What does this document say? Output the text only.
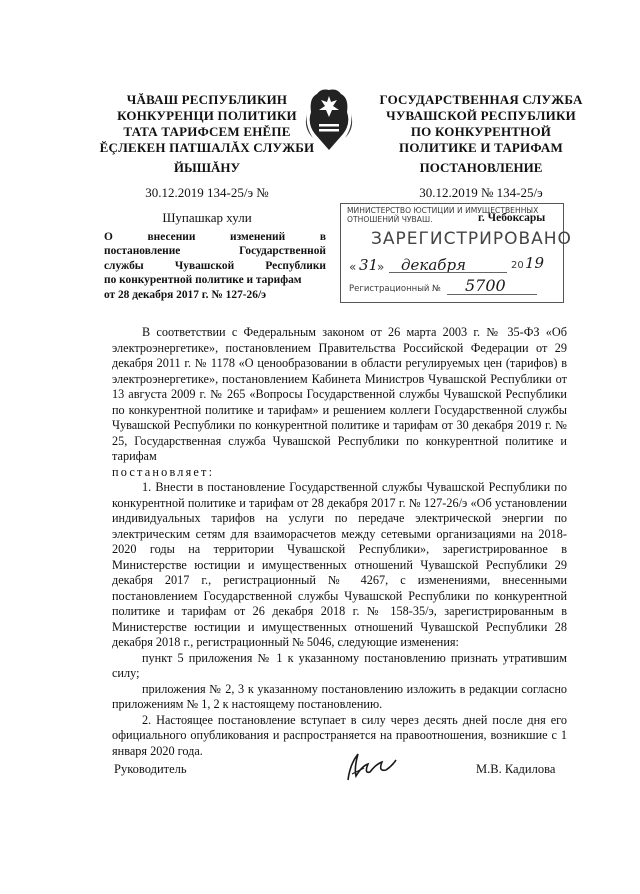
ЧĂВАШ РЕСПУБЛИКИН
КОНКУРЕНЦИ ПОЛИТИКИ
ТАТА ТАРИФСЕМ ЕНĚПЕ
ĔÇЛЕКЕН ПАТШАЛĂХ СЛУЖБИ
ЙЫШĂНУ
30.12.2019 134-25/э №
Шупашкар хули
ГОСУДАРСТВЕННАЯ СЛУЖБА
ЧУВАШСКОЙ РЕСПУБЛИКИ
ПО КОНКУРЕНТНОЙ
ПОЛИТИКЕ И ТАРИФАМ
ПОСТАНОВЛЕНИЕ
30.12.2019 № 134-25/э
г. Чебоксары
О внесении изменений в
постановление Государственной
службы Чувашской Республики
по конкурентной политике и тарифам
от 28 декабря 2017 г. № 127-26/э
МИНИСТЕРСТВО ЮСТИЦИИ И ИМУЩЕСТВЕННЫХ
ОТНОШЕНИЙ ЧУВАШ.
ЗАРЕГИСТРИРОВАНО
« 31
» декабря	20 19
Регистрационный № 5700

В соответствии с Федеральным законом от 26 марта 2003 г. № 35-ФЗ «Об электроэнергетике», постановлением Правительства Российской Федерации от 29 декабря 2011 г. № 1178 «О ценообразовании в области регулируемых цен (тарифов) в электроэнергетике», постановлением Кабинета Министров Чувашской Республики от 13 августа 2009 г. № 265 «Вопросы Государственной службы Чувашской Республики по конкурентной политике и тарифам» и решением коллеги Государственной службы Чувашской Республики по конкурентной политике и тарифам от 30 декабря 2019 г. № 25, Государственная служба Чувашской Республики по конкурентной политике и тарифам

постановляет:

1. Внести в постановление Государственной службы Чувашской Республики по конкурентной политике и тарифам от 28 декабря 2017 г. № 127-26/э «Об установлении индивидуальных тарифов на услуги по передаче электрической энергии по электрическим сетям для взаиморасчетов между сетевыми организациями на 2018-2020 годы на территории Чувашской Республики», зарегистрированное в Министерстве юстиции и имущественных отношений Чувашской Республики 29 декабря 2017 г., регистрационный № 4267, с изменениями, внесенными постановлением Государственной службы Чувашской Республики по конкурентной политике и тарифам от 26 декабря 2018 г. № 158-35/э, зарегистрированным в Министерстве юстиции и имущественных отношений Чувашской Республики 28 декабря 2018 г., регистрационный № 5046, следующие изменения:

пункт 5 приложения № 1 к указанному постановлению признать утратившим силу;

приложения № 2, 3 к указанному постановлению изложить в редакции согласно приложениям № 1, 2 к настоящему постановлению.

2. Настоящее постановление вступает в силу через десять дней после дня его официального опубликования и распространяется на правоотношения, возникшие с 1 января 2020 года.

Руководитель	М.В. Кадилова
